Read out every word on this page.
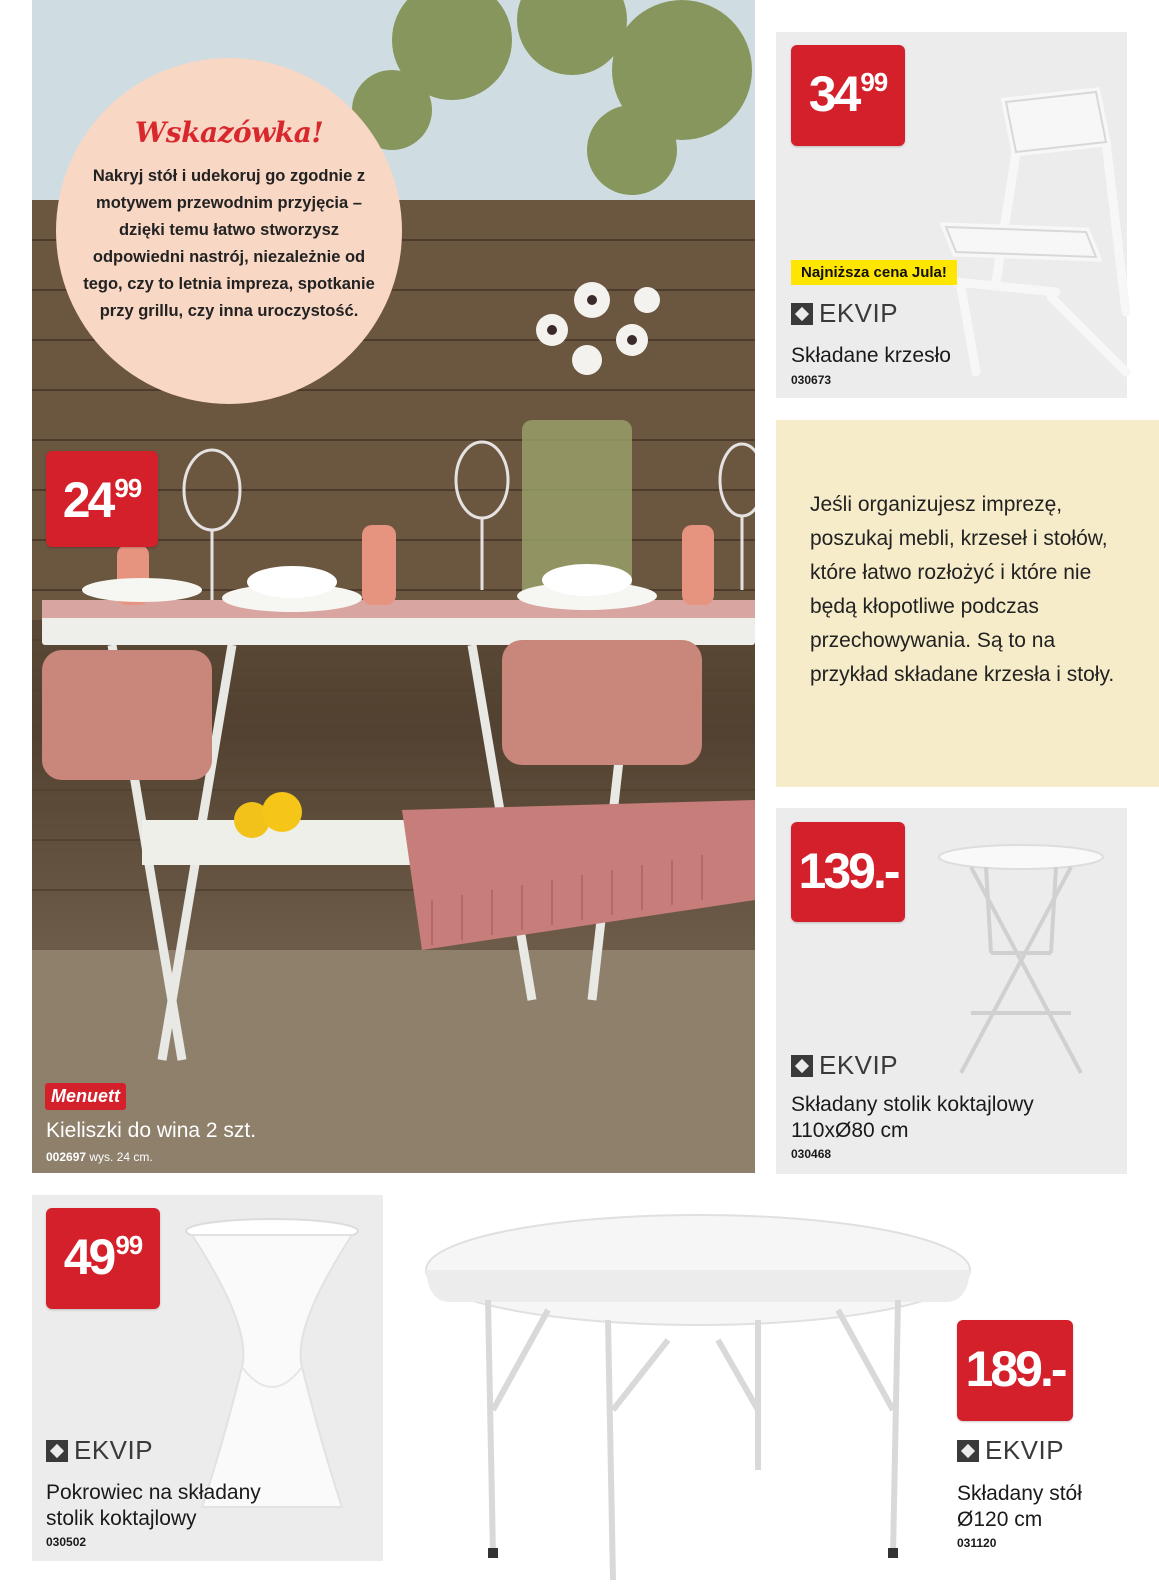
Wskazówka!
Nakryj stół i udekoruj go zgodnie z motywem przewodnim przyjęcia – dzięki temu łatwo stworzysz odpowiedni nastrój, niezależnie od tego, czy to letnia impreza, spotkanie przy grillu, czy inna uroczystość.
24 99
Menuett
Kieliszki do wina 2 szt.
002697 wys. 24 cm.
34 99
Najniższa cena Jula!
EKVIP
Składane krzesło
030673
Jeśli organizujesz imprezę, poszukaj mebli, krzeseł i stołów, które łatwo rozłożyć i które nie będą kłopotliwe podczas przechowywania. Są to na przykład składane krzesła i stoły.
139.-
EKVIP
Składany stolik koktajlowy
110xØ80 cm
030468
49 99
EKVIP
Pokrowiec na składany
stolik koktajlowy
030502
189.-
EKVIP
Składany stół
Ø120 cm
031120
